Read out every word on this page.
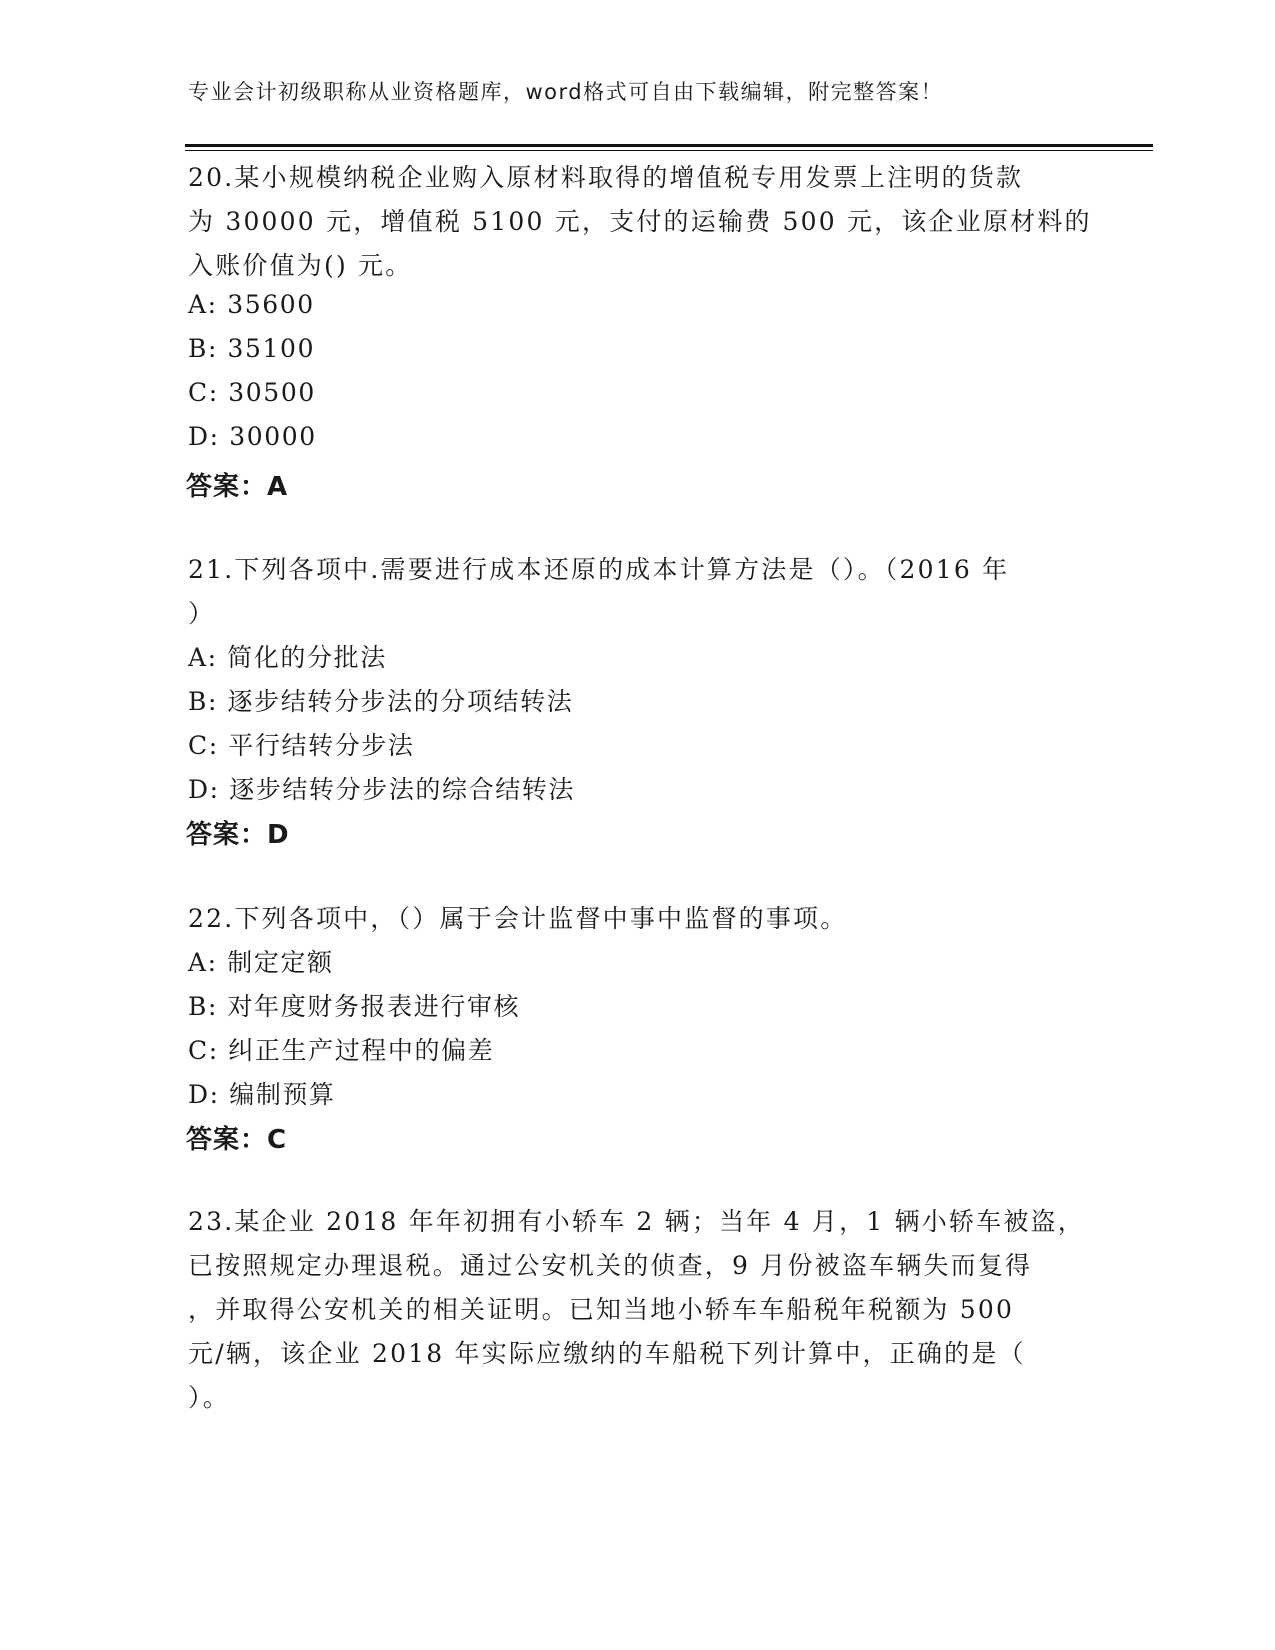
专业会计初级职称从业资格题库，word格式可自由下载编辑，附完整答案！
20.某小规模纳税企业购入原材料取得的增值税专用发票上注明的货款
为 30000 元，增值税 5100 元，支付的运输费 500 元，该企业原材料的
入账价值为() 元。
A: 35600
B: 35100
C: 30500
D: 30000
答案：A
21.下列各项中.需要进行成本还原的成本计算方法是（）。（2016 年
）
A: 简化的分批法
B: 逐步结转分步法的分项结转法
C: 平行结转分步法
D: 逐步结转分步法的综合结转法
答案：D
22.下列各项中，（）属于会计监督中事中监督的事项。
A: 制定定额
B: 对年度财务报表进行审核
C: 纠正生产过程中的偏差
D: 编制预算
答案：C
23.某企业 2018 年年初拥有小轿车 2 辆；当年 4 月，1 辆小轿车被盗，
已按照规定办理退税。通过公安机关的侦查，9 月份被盗车辆失而复得
，并取得公安机关的相关证明。已知当地小轿车车船税年税额为 500
元/辆，该企业 2018 年实际应缴纳的车船税下列计算中，正确的是（
）。
